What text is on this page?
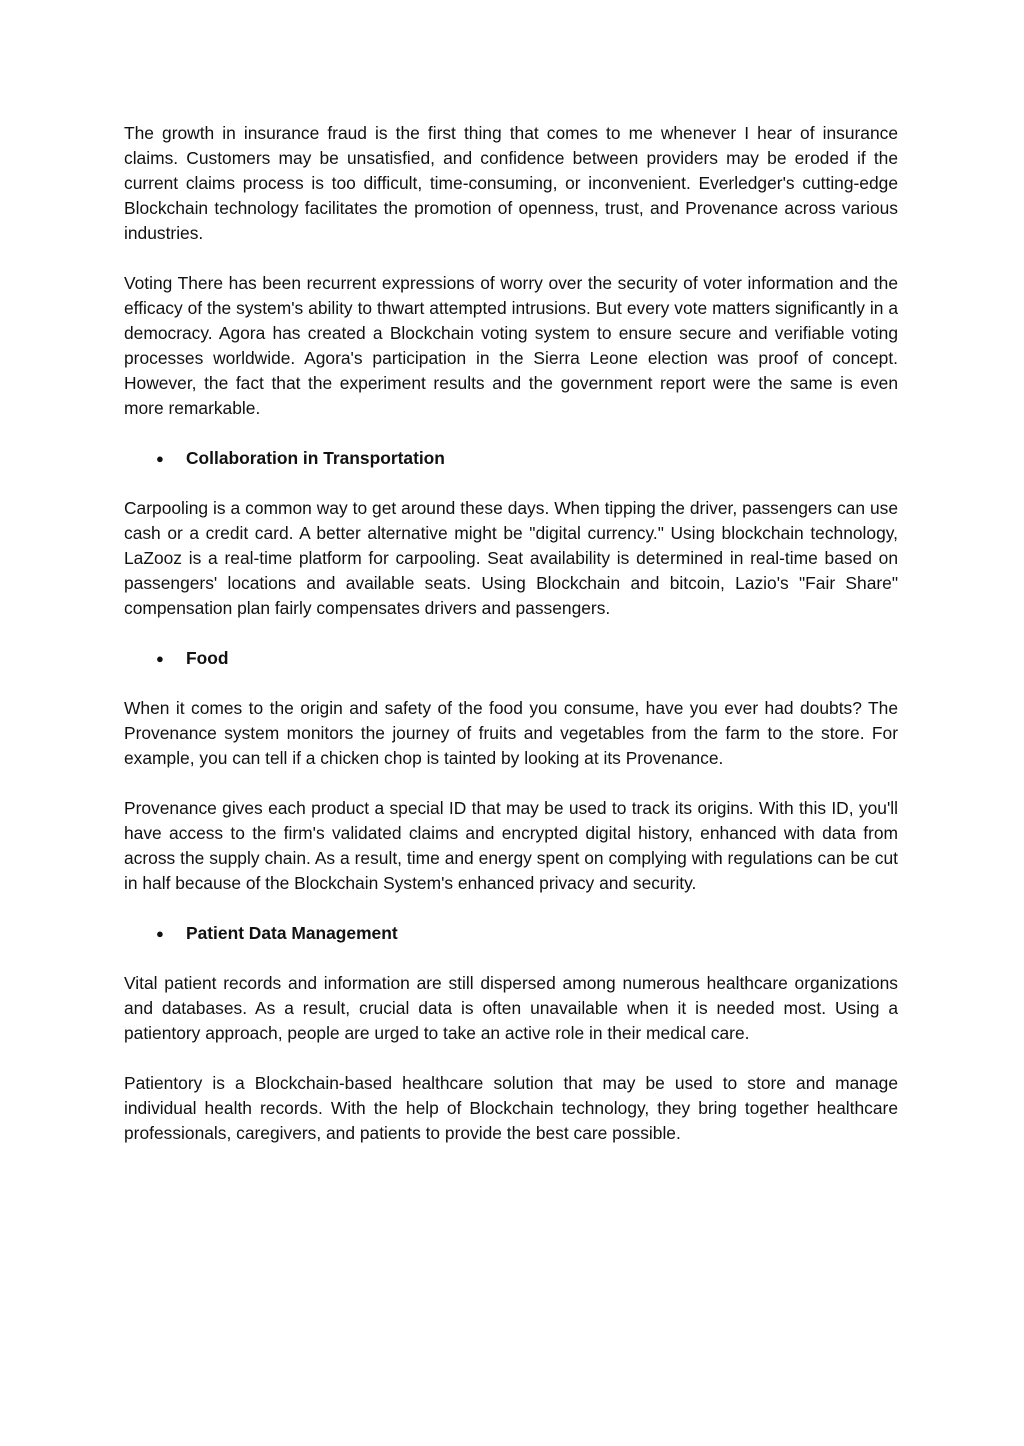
The growth in insurance fraud is the first thing that comes to me whenever I hear of insurance claims. Customers may be unsatisfied, and confidence between providers may be eroded if the current claims process is too difficult, time-consuming, or inconvenient. Everledger's cutting-edge Blockchain technology facilitates the promotion of openness, trust, and Provenance across various industries.

Voting There has been recurrent expressions of worry over the security of voter information and the efficacy of the system's ability to thwart attempted intrusions. But every vote matters significantly in a democracy. Agora has created a Blockchain voting system to ensure secure and verifiable voting processes worldwide. Agora's participation in the Sierra Leone election was proof of concept. However, the fact that the experiment results and the government report were the same is even more remarkable.

● Collaboration in Transportation

Carpooling is a common way to get around these days. When tipping the driver, passengers can use cash or a credit card. A better alternative might be "digital currency." Using blockchain technology, LaZooz is a real-time platform for carpooling. Seat availability is determined in real-time based on passengers' locations and available seats. Using Blockchain and bitcoin, Lazio's "Fair Share" compensation plan fairly compensates drivers and passengers.

● Food

When it comes to the origin and safety of the food you consume, have you ever had doubts? The Provenance system monitors the journey of fruits and vegetables from the farm to the store. For example, you can tell if a chicken chop is tainted by looking at its Provenance.

Provenance gives each product a special ID that may be used to track its origins. With this ID, you'll have access to the firm's validated claims and encrypted digital history, enhanced with data from across the supply chain. As a result, time and energy spent on complying with regulations can be cut in half because of the Blockchain System's enhanced privacy and security.

● Patient Data Management

Vital patient records and information are still dispersed among numerous healthcare organizations and databases. As a result, crucial data is often unavailable when it is needed most. Using a patientory approach, people are urged to take an active role in their medical care.

Patientory is a Blockchain-based healthcare solution that may be used to store and manage individual health records. With the help of Blockchain technology, they bring together healthcare professionals, caregivers, and patients to provide the best care possible.
